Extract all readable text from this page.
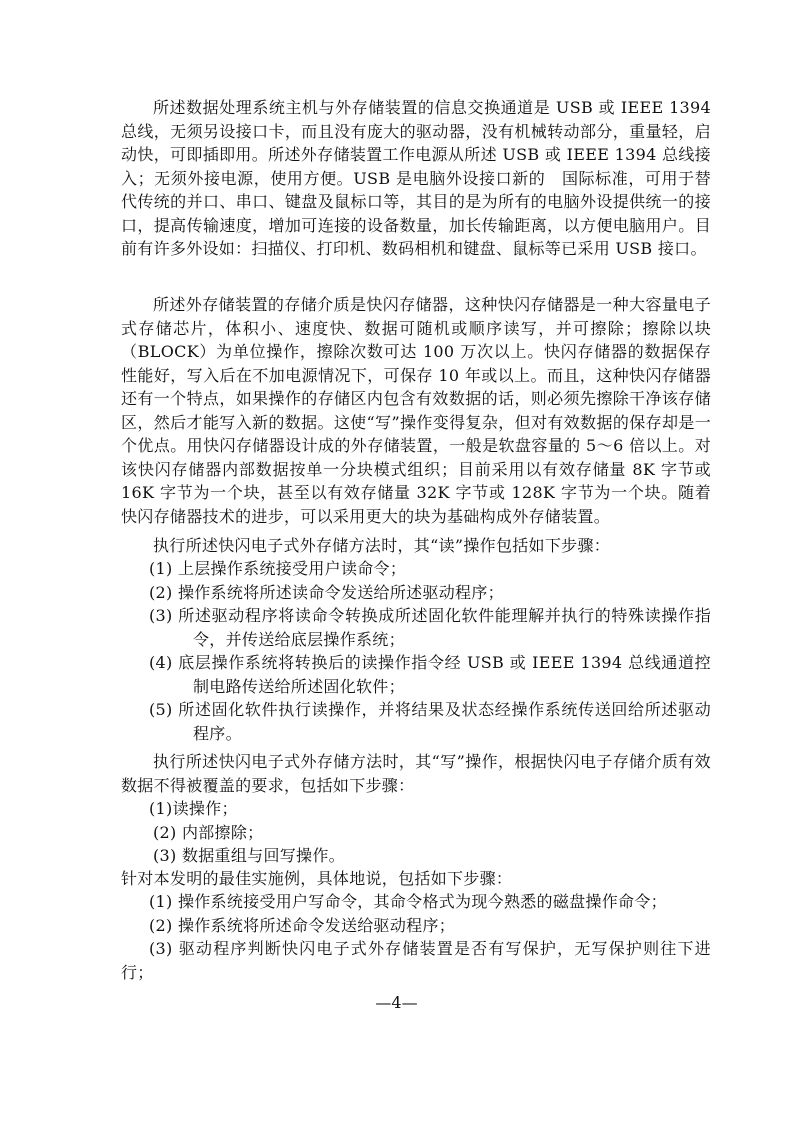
所述数据处理系统主机与外存储装置的信息交换通道是 USB 或 IEEE 1394 总线，无须另设接口卡，而且没有庞大的驱动器，没有机械转动部分，重量轻，启动快，可即插即用。所述外存储装置工作电源从所述 USB 或 IEEE 1394 总线接入；无须外接电源，使用方便。USB 是电脑外设接口新的　国际标准，可用于替代传统的并口、串口、键盘及鼠标口等，其目的是为所有的电脑外设提供统一的接口，提高传输速度，增加可连接的设备数量，加长传输距离，以方便电脑用户。目前有许多外设如：扫描仪、打印机、数码相机和键盘、鼠标等已采用 USB 接口。

所述外存储装置的存储介质是快闪存储器，这种快闪存储器是一种大容量电子式存储芯片，体积小、速度快、数据可随机或顺序读写，并可擦除；擦除以块（BLOCK）为单位操作，擦除次数可达 100 万次以上。快闪存储器的数据保存性能好，写入后在不加电源情况下，可保存 10 年或以上。而且，这种快闪存储器还有一个特点，如果操作的存储区内包含有效数据的话，则必须先擦除干净该存储区，然后才能写入新的数据。这使“写”操作变得复杂，但对有效数据的保存却是一个优点。用快闪存储器设计成的外存储装置，一般是软盘容量的 5～6 倍以上。对该快闪存储器内部数据按单一分块模式组织；目前采用以有效存储量 8K 字节或 16K 字节为一个块，甚至以有效存储量 32K 字节或 128K 字节为一个块。随着快闪存储器技术的进步，可以采用更大的块为基础构成外存储装置。

执行所述快闪电子式外存储方法时，其“读”操作包括如下步骤：

(1) 上层操作系统接受用户读命令；
(2) 操作系统将所述读命令发送给所述驱动程序；
(3) 所述驱动程序将读命令转换成所述固化软件能理解并执行的特殊读操作指令，并传送给底层操作系统；
(4) 底层操作系统将转换后的读操作指令经 USB 或 IEEE 1394 总线通道控制电路传送给所述固化软件；
(5) 所述固化软件执行读操作，并将结果及状态经操作系统传送回给所述驱动程序。

执行所述快闪电子式外存储方法时，其“写”操作，根据快闪电子存储介质有效数据不得被覆盖的要求，包括如下步骤：

(1)读操作；
(2) 内部擦除；
(3) 数据重组与回写操作。

针对本发明的最佳实施例，具体地说，包括如下步骤：

(1) 操作系统接受用户写命令，其命令格式为现今熟悉的磁盘操作命令；
(2) 操作系统将所述命令发送给驱动程序；
(3) 驱动程序判断快闪电子式外存储装置是否有写保护，无写保护则往下进行；
—4—
